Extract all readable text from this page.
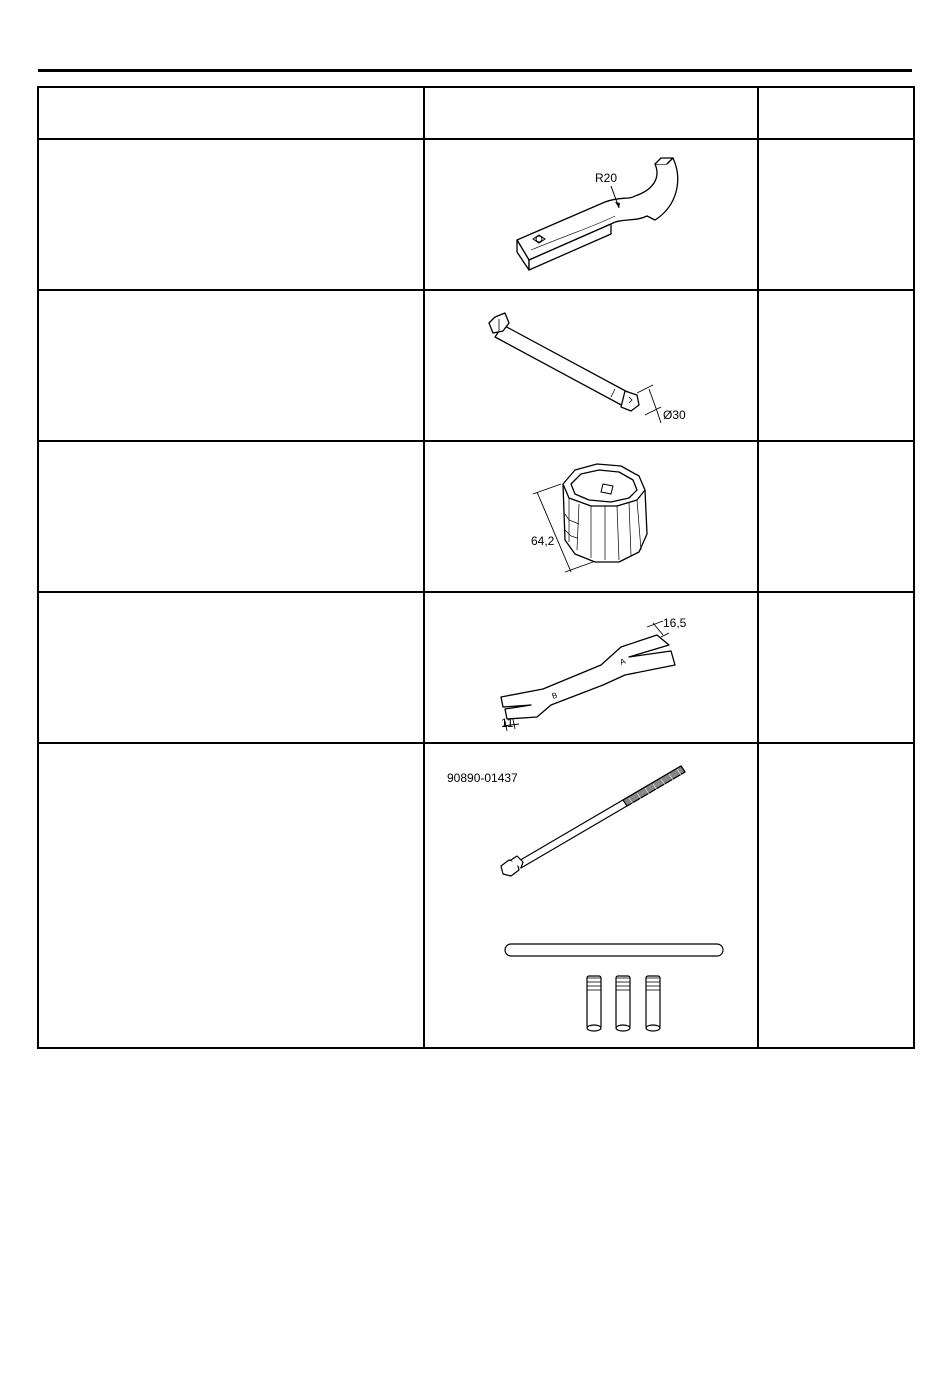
R20	

Ø30	

64,2	

B
A
16,5
11	

90890-01437	
